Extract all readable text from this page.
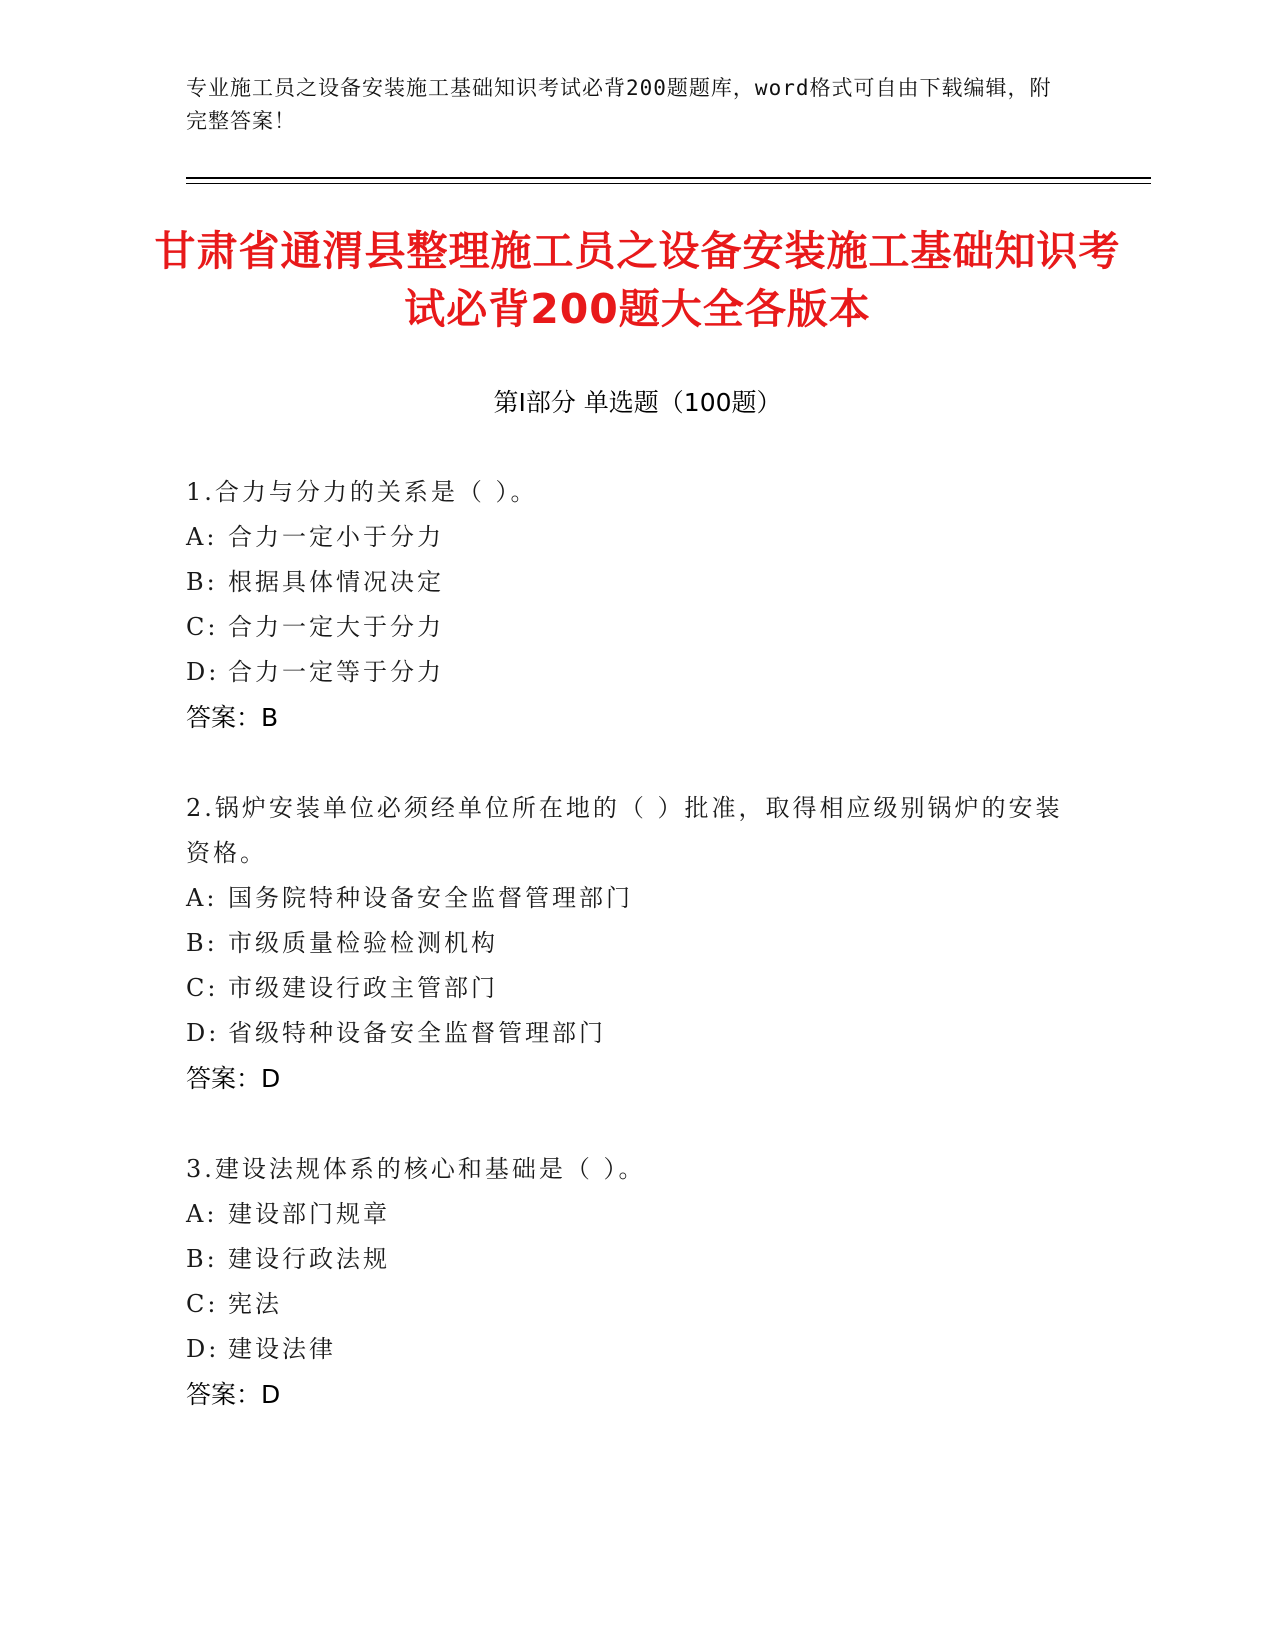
专业施工员之设备安装施工基础知识考试必背200题题库，word格式可自由下载编辑，附完整答案！
甘肃省通渭县整理施工员之设备安装施工基础知识考试必背200题大全各版本
第Ⅰ部分 单选题（100题）
1.合力与分力的关系是（ ）。
A: 合力一定小于分力
B: 根据具体情况决定
C: 合力一定大于分力
D: 合力一定等于分力
答案：B
2.锅炉安装单位必须经单位所在地的（ ）批准，取得相应级别锅炉的安装资格。
A: 国务院特种设备安全监督管理部门
B: 市级质量检验检测机构
C: 市级建设行政主管部门
D: 省级特种设备安全监督管理部门
答案：D
3.建设法规体系的核心和基础是（ ）。
A: 建设部门规章
B: 建设行政法规
C: 宪法
D: 建设法律
答案：D
